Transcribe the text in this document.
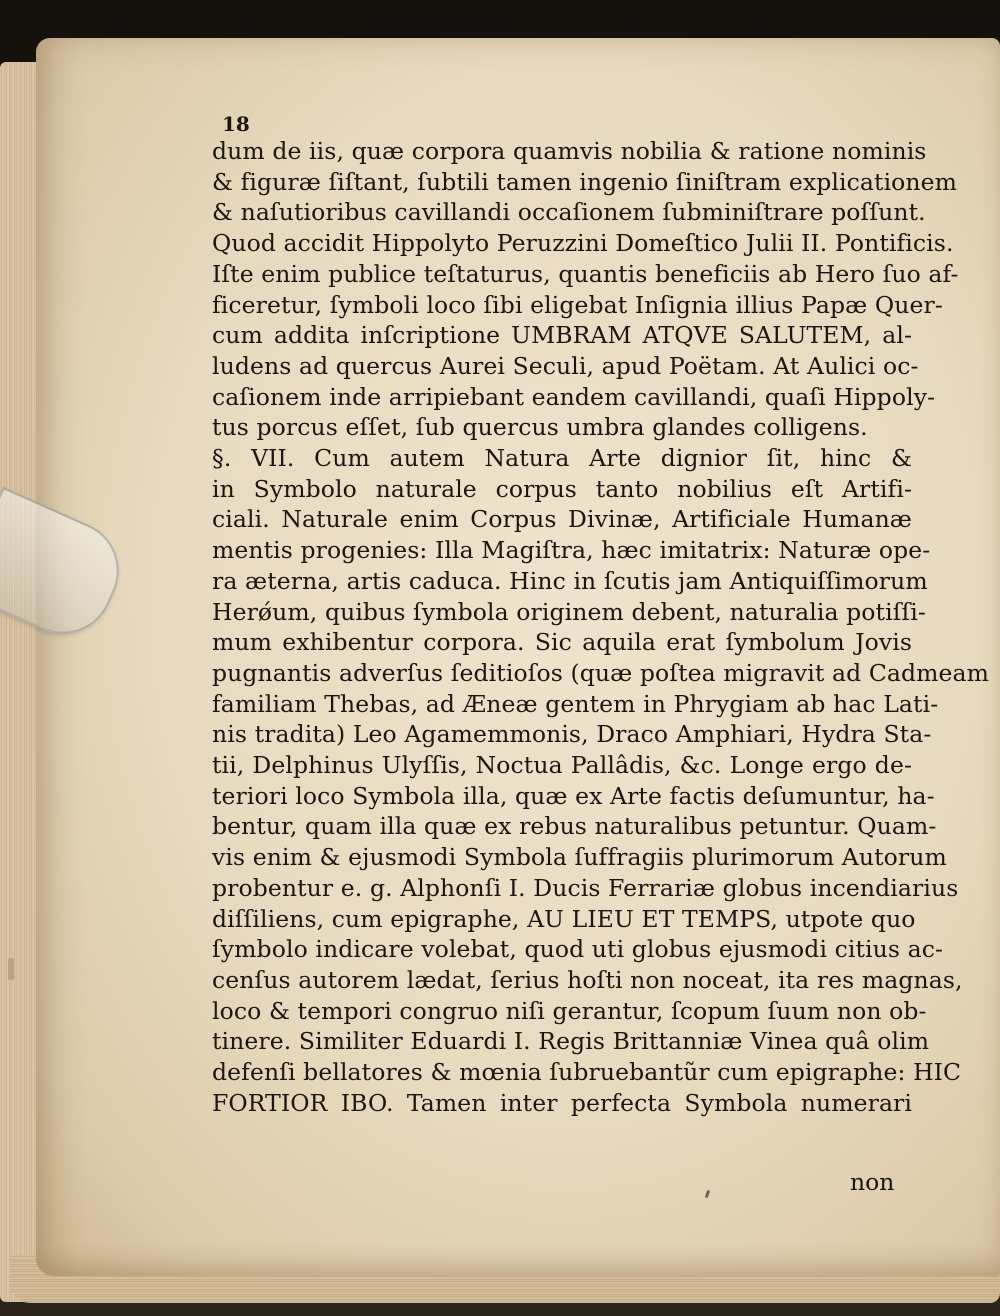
18
dum de iis, quæ corpora quamvis nobilia & ratione nominis
& figuræ ſiſtant, ſubtili tamen ingenio ſiniſtram explicationem
& naſutioribus cavillandi occaſionem ſubminiſtrare poſſunt.
Quod accidit Hippolyto Peruzzini Domeſtico Julii II. Pontificis.
Iſte enim publice teſtaturus, quantis beneficiis ab Hero ſuo af-
ficeretur, ſymboli loco ſibi eligebat Inſignia illius Papæ Quer-
cum addita inſcriptione UMBRAM ATQVE SALUTEM, al-
ludens ad quercus Aurei Seculi, apud Poëtam. At Aulici oc-
caſionem inde arripiebant eandem cavillandi, quaſi Hippoly-
tus porcus eſſet, ſub quercus umbra glandes colligens.
§. VII. Cum autem Natura Arte dignior ſit, hinc &
in Symbolo naturale corpus tanto nobilius eſt Artifi-
ciali. Naturale enim Corpus Divinæ, Artificiale Humanæ
mentis progenies: Illa Magiſtra, hæc imitatrix: Naturæ ope-
ra æterna, artis caduca. Hinc in ſcutis jam Antiquiſſimorum
Herǿum, quibus ſymbola originem debent, naturalia potiſſi-
mum exhibentur corpora. Sic aquila erat ſymbolum Jovis
pugnantis adverſus ſeditioſos (quæ poſtea migravit ad Cadmeam
familiam Thebas, ad Æneæ gentem in Phrygiam ab hac Lati-
nis tradita) Leo Agamemmonis, Draco Amphiari, Hydra Sta-
tii, Delphinus Ulyſſis, Noctua Pallâdis, &c. Longe ergo de-
teriori loco Symbola illa, quæ ex Arte factis deſumuntur, ha-
bentur, quam illa quæ ex rebus naturalibus petuntur. Quam-
vis enim & ejusmodi Symbola ſuffragiis plurimorum Autorum
probentur e. g. Alphonſi I. Ducis Ferrariæ globus incendiarius
diſſiliens, cum epigraphe, AU LIEU ET TEMPS, utpote quo
ſymbolo indicare volebat, quod uti globus ejusmodi citius ac-
cenſus autorem lædat, ſerius hoſti non noceat, ita res magnas,
loco & tempori congruo niſi gerantur, ſcopum ſuum non ob-
tinere. Similiter Eduardi I. Regis Brittanniæ Vinea quâ olim
defenſi bellatores & mœnia ſubruebantũr cum epigraphe: HIC
FORTIOR IBO. Tamen inter perfecta Symbola numerari
non
